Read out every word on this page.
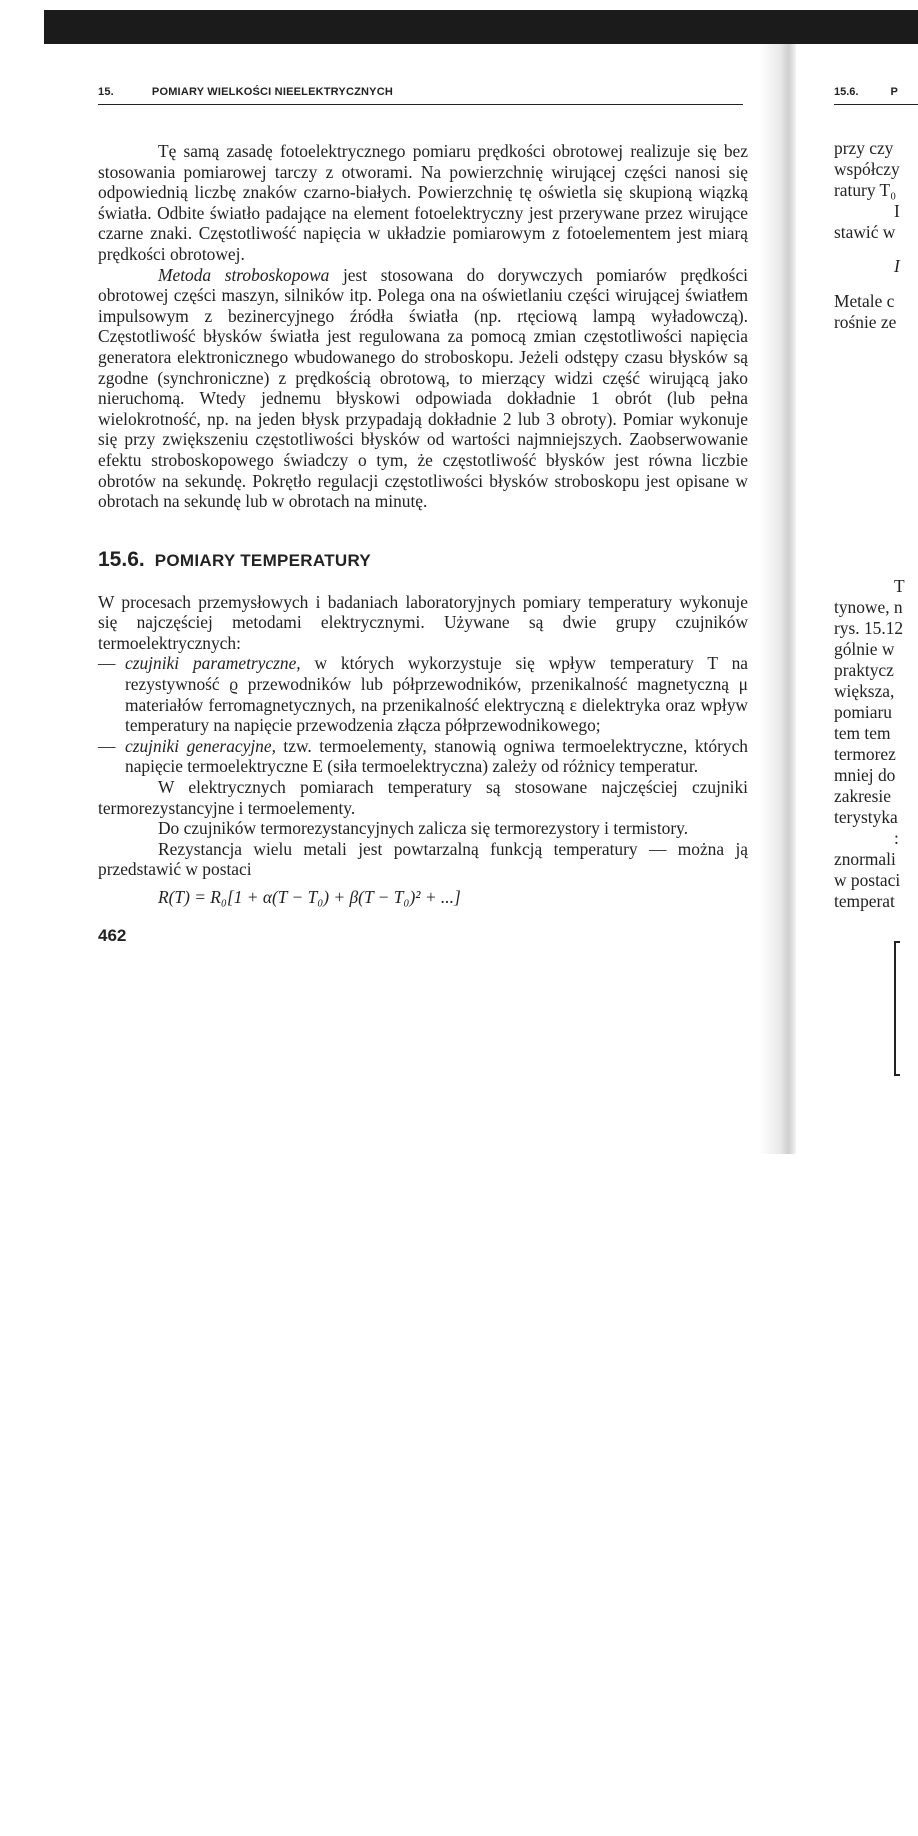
15.	POMIARY WIELKOŚCI NIEELEKTRYCZNYCH

Tę samą zasadę fotoelektrycznego pomiaru prędkości obrotowej realizuje się bez stosowania pomiarowej tarczy z otworami. Na powierzchnię wirującej części nanosi się odpowiednią liczbę znaków czarno-białych. Powierzchnię tę oświetla się skupioną wiązką światła. Odbite światło padające na element fotoelektryczny jest przerywane przez wirujące czarne znaki. Częstotliwość napięcia w układzie pomiarowym z fotoelementem jest miarą prędkości obrotowej.

Metoda stroboskopowa jest stosowana do dorywczych pomiarów prędkości obrotowej części maszyn, silników itp. Polega ona na oświetlaniu części wirującej światłem impulsowym z bezinercyjnego źródła światła (np. rtęciową lampą wyładowczą). Częstotliwość błysków światła jest regulowana za pomocą zmian częstotliwości napięcia generatora elektronicznego wbudowanego do stroboskopu. Jeżeli odstępy czasu błysków są zgodne (synchroniczne) z prędkością obrotową, to mierzący widzi część wirującą jako nieruchomą. Wtedy jednemu błyskowi odpowiada dokładnie 1 obrót (lub pełna wielokrotność, np. na jeden błysk przypadają dokładnie 2 lub 3 obroty). Pomiar wykonuje się przy zwiększeniu częstotliwości błysków od wartości najmniejszych. Zaobserwowanie efektu stroboskopowego świadczy o tym, że częstotliwość błysków jest równa liczbie obrotów na sekundę. Pokrętło regulacji częstotliwości błysków stroboskopu jest opisane w obrotach na sekundę lub w obrotach na minutę.

15.6. POMIARY TEMPERATURY

W procesach przemysłowych i badaniach laboratoryjnych pomiary temperatury wykonuje się najczęściej metodami elektrycznymi. Używane są dwie grupy czujników termoelektrycznych:

— czujniki parametryczne, w których wykorzystuje się wpływ temperatury T na rezystywność ϱ przewodników lub półprzewodników, przenikalność magnetyczną μ materiałów ferromagnetycznych, na przenikalność elektryczną ε dielektryka oraz wpływ temperatury na napięcie przewodzenia złącza półprzewodnikowego;
— czujniki generacyjne, tzw. termoelementy, stanowią ogniwa termoelektryczne, których napięcie termoelektryczne E (siła termoelektryczna) zależy od różnicy temperatur.

W elektrycznych pomiarach temperatury są stosowane najczęściej czujniki termorezystancyjne i termoelementy.

Do czujników termorezystancyjnych zalicza się termorezystory i termistory.

Rezystancja wielu metali jest powtarzalną funkcją temperatury — można ją przedstawić w postaci

R(T) = R₀[1 + α(T − T₀) + β(T − T₀)² + ...]
462
15.6.	P
przy czy
współczy
ratury T₀
I
stawić w
I
Metale c
rośnie ze
T
tynowe, n
rys. 15.12
gólnie w
praktycz
większa,
pomiaru
tem tem
termorez
mniej do
zakresie
terystyka
:
znormali
w postaci
temperat
